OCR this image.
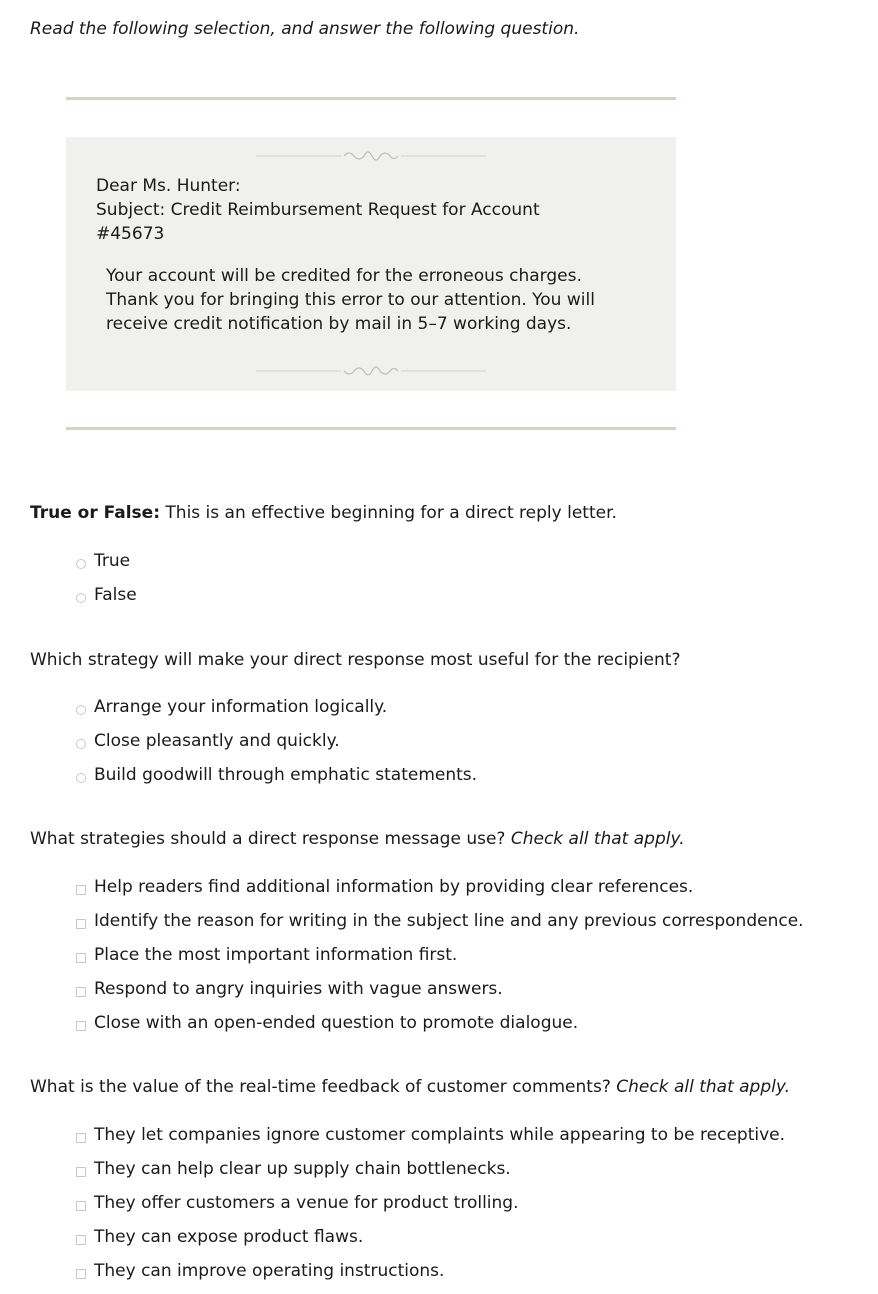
Read the following selection, and answer the following question.
Dear Ms. Hunter:
Subject: Credit Reimbursement Request for Account
#45673
Your account will be credited for the erroneous charges.
Thank you for bringing this error to our attention. You will
receive credit notification by mail in 5–7 working days.
True or False: This is an effective beginning for a direct reply letter.
True
False
Which strategy will make your direct response most useful for the recipient?
Arrange your information logically.
Close pleasantly and quickly.
Build goodwill through emphatic statements.
What strategies should a direct response message use? Check all that apply.
Help readers find additional information by providing clear references.
Identify the reason for writing in the subject line and any previous correspondence.
Place the most important information first.
Respond to angry inquiries with vague answers.
Close with an open-ended question to promote dialogue.
What is the value of the real-time feedback of customer comments? Check all that apply.
They let companies ignore customer complaints while appearing to be receptive.
They can help clear up supply chain bottlenecks.
They offer customers a venue for product trolling.
They can expose product flaws.
They can improve operating instructions.
